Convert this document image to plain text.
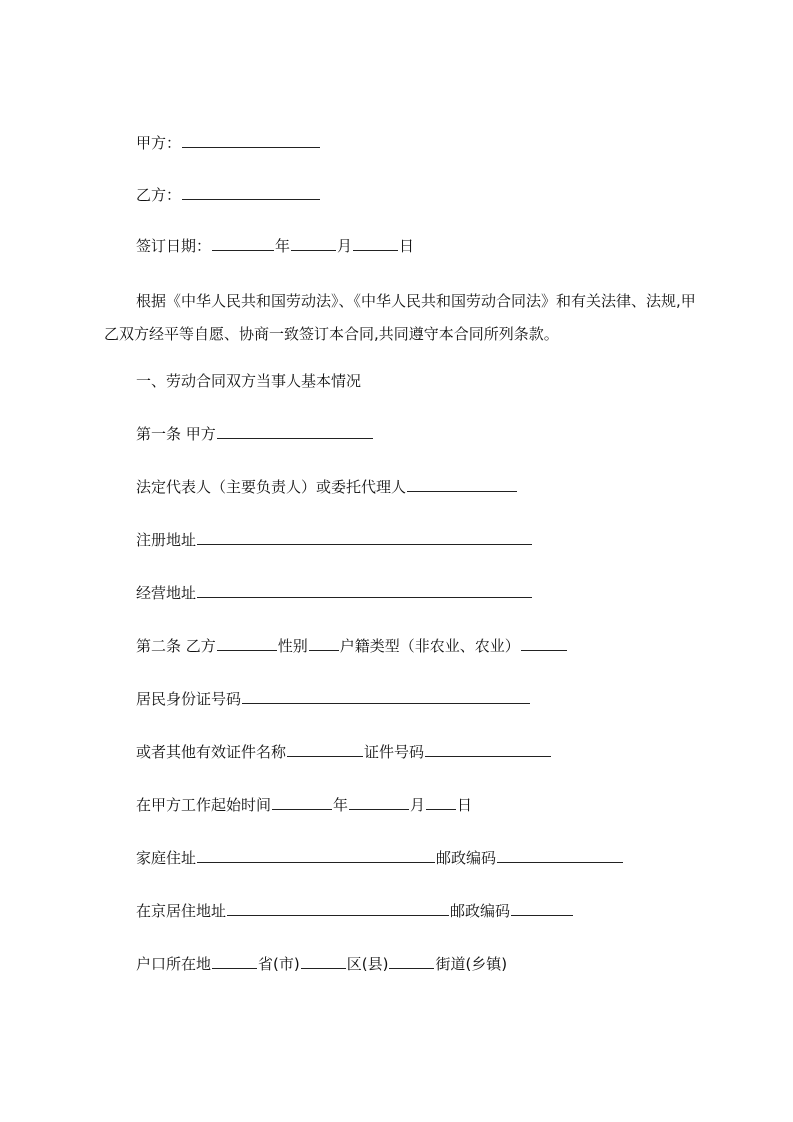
甲方：
乙方：
签订日期：	年	月	日
根据《中华人民共和国劳动法》、《中华人民共和国劳动合同法》和有关法律、法规,甲乙双方经平等自愿、协商一致签订本合同,共同遵守本合同所列条款。
一、劳动合同双方当事人基本情况
第一条 甲方
法定代表人（主要负责人）或委托代理人
注册地址
经营地址
第二条 乙方	性别 户籍类型（非农业、农业）
居民身份证号码
或者其他有效证件名称	证件号码
在甲方工作起始时间	年	月 日
家庭住址	邮政编码
在京居住地址	邮政编码
户口所在地	省(市)	区(县)	街道(乡镇)
